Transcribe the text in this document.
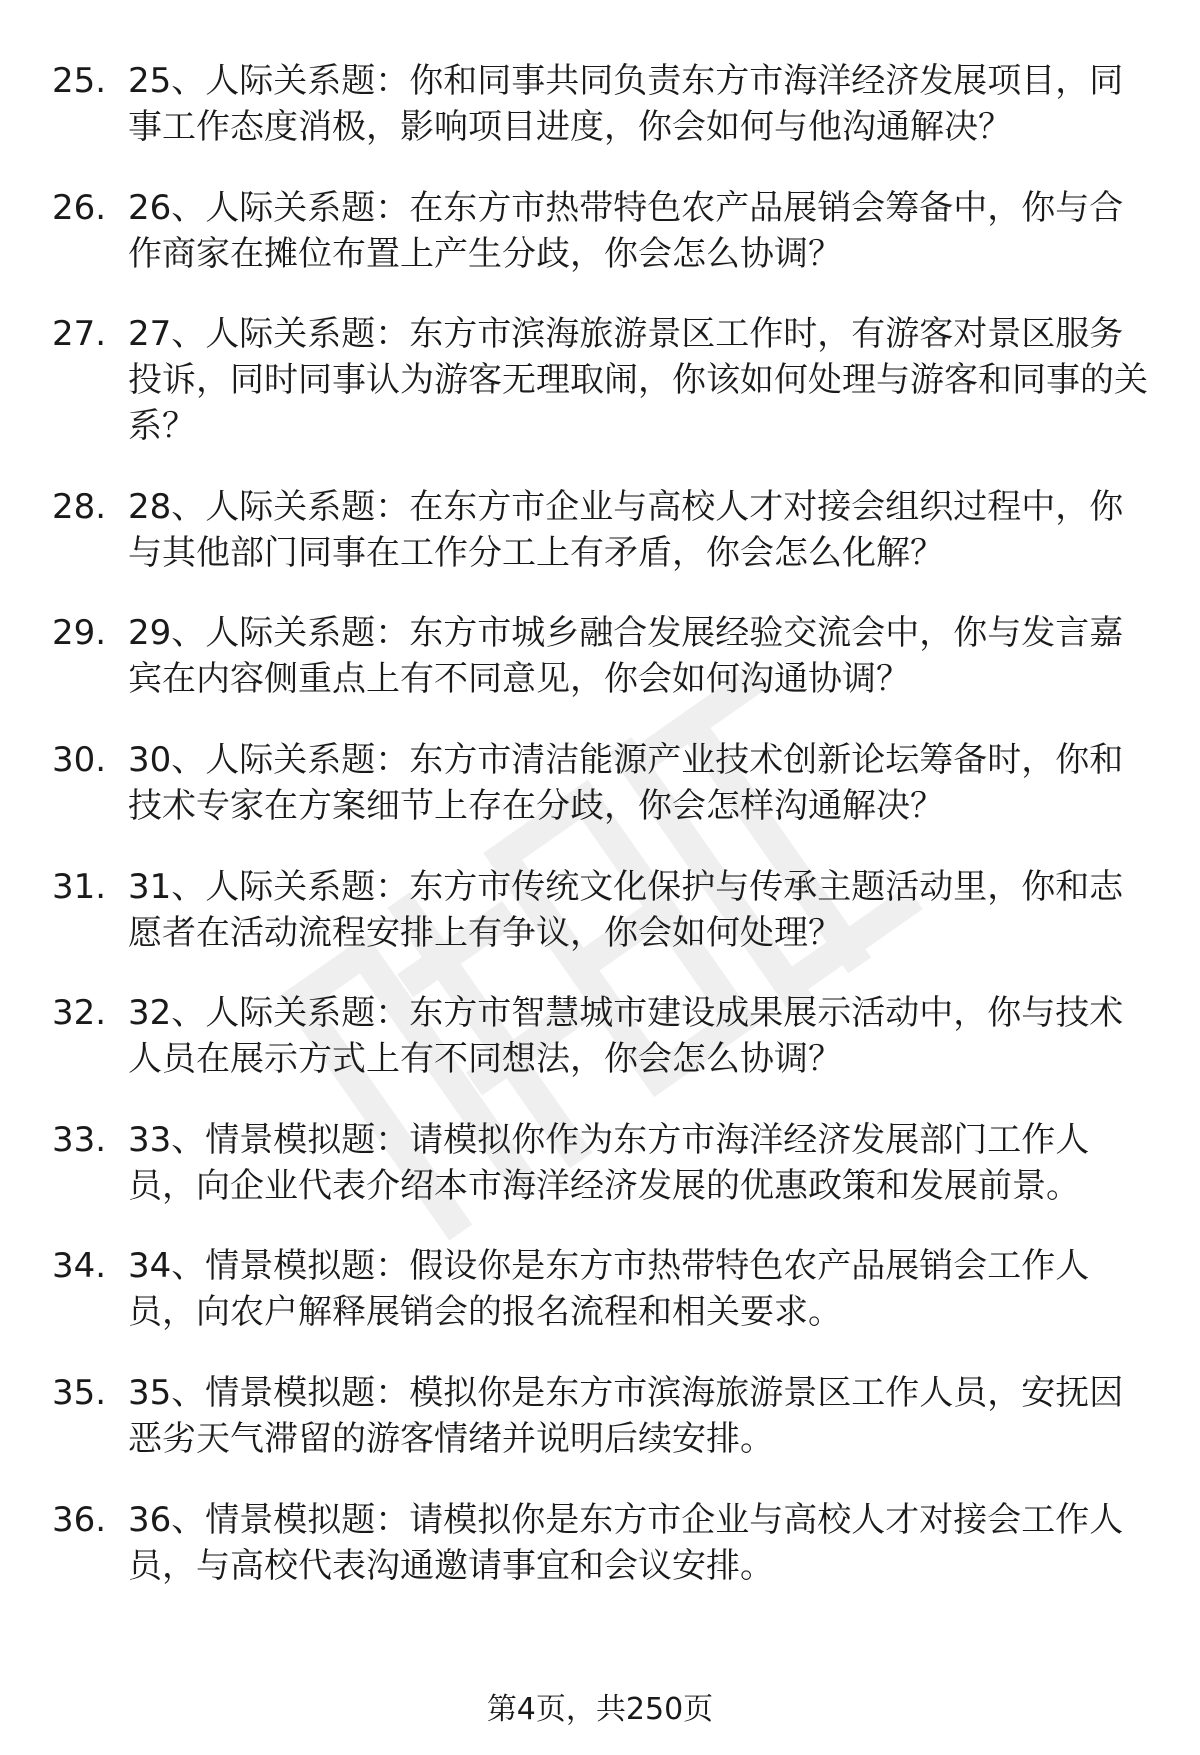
25. 25、人际关系题：你和同事共同负责东方市海洋经济发展项目，同事工作态度消极，影响项目进度，你会如何与他沟通解决？
26. 26、人际关系题：在东方市热带特色农产品展销会筹备中，你与合作商家在摊位布置上产生分歧，你会怎么协调？
27. 27、人际关系题：东方市滨海旅游景区工作时，有游客对景区服务投诉，同时同事认为游客无理取闹，你该如何处理与游客和同事的关系？
28. 28、人际关系题：在东方市企业与高校人才对接会组织过程中，你与其他部门同事在工作分工上有矛盾，你会怎么化解？
29. 29、人际关系题：东方市城乡融合发展经验交流会中，你与发言嘉宾在内容侧重点上有不同意见，你会如何沟通协调？
30. 30、人际关系题：东方市清洁能源产业技术创新论坛筹备时，你和技术专家在方案细节上存在分歧，你会怎样沟通解决？
31. 31、人际关系题：东方市传统文化保护与传承主题活动里，你和志愿者在活动流程安排上有争议，你会如何处理？
32. 32、人际关系题：东方市智慧城市建设成果展示活动中，你与技术人员在展示方式上有不同想法，你会怎么协调？
33. 33、情景模拟题：请模拟你作为东方市海洋经济发展部门工作人员，向企业代表介绍本市海洋经济发展的优惠政策和发展前景。
34. 34、情景模拟题：假设你是东方市热带特色农产品展销会工作人员，向农户解释展销会的报名流程和相关要求。
35. 35、情景模拟题：模拟你是东方市滨海旅游景区工作人员，安抚因恶劣天气滞留的游客情绪并说明后续安排。
36. 36、情景模拟题：请模拟你是东方市企业与高校人才对接会工作人员，与高校代表沟通邀请事宜和会议安排。
第4页，共250页
